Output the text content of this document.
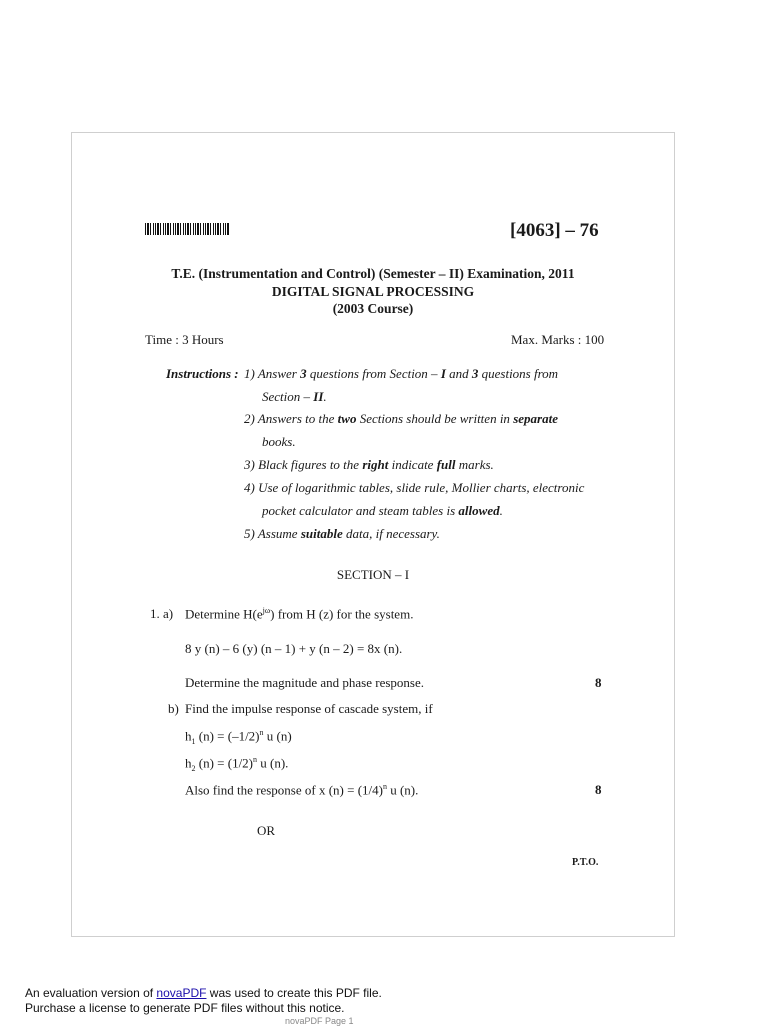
[4063] – 76
T.E. (Instrumentation and Control) (Semester – II) Examination, 2011
DIGITAL SIGNAL PROCESSING
(2003 Course)
Time : 3 Hours	Max. Marks : 100
Instructions : 1) Answer 3 questions from Section – I and 3 questions from
Section – II.
2) Answers to the two Sections should be written in separate
books.
3) Black figures to the right indicate full marks.
4) Use of logarithmic tables, slide rule, Mollier charts, electronic
pocket calculator and steam tables is allowed.
5) Assume suitable data, if necessary.
SECTION – I
1. a) Determine $H(e^{j\omega})$ from H (z) for the system.
8 y (n) – 6 (y) (n – 1) + y (n – 2) = 8x (n).
Determine the magnitude and phase response.	8
b) Find the impulse response of cascade system, if
$h_1$ $(n) = (-1/2)^n$ u (n)
$h_2$ $(n) = (1/2)^n$ u (n).
Also find the response of x $(n) = (1/4)^n$ u (n).	8
OR
P.T.O.
An evaluation version of novaPDF was used to create this PDF file.
Purchase a license to generate PDF files without this notice.
novaPDF Page 1
